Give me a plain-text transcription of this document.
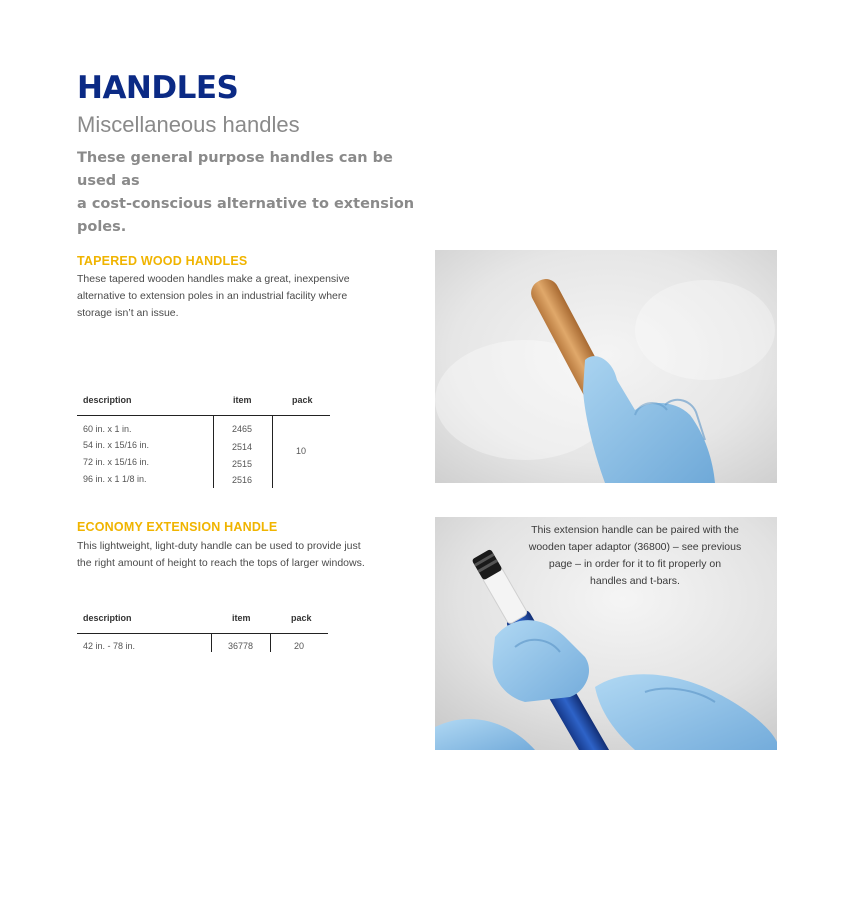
HANDLES
Miscellaneous handles
These general purpose handles can be used as
a cost-conscious alternative to extension poles.
TAPERED WOOD HANDLES
These tapered wooden handles make a great, inexpensive
alternative to extension poles in an industrial facility where
storage isn’t an issue.
description	item	pack
60 in. x 1 in.	2465
54 in. x 15/16 in.	2514
72 in. x 15/16 in.	2515
96 in. x 1 1/8 in.	2516
10
ECONOMY EXTENSION HANDLE
This lightweight, light-duty handle can be used to provide just
the right amount of height to reach the tops of larger windows.
description	item	pack
42 in. - 78 in.	36778	20
This extension handle can be paired with the
wooden taper adaptor (36800) – see previous
page – in order for it to fit properly on
handles and t-bars.
